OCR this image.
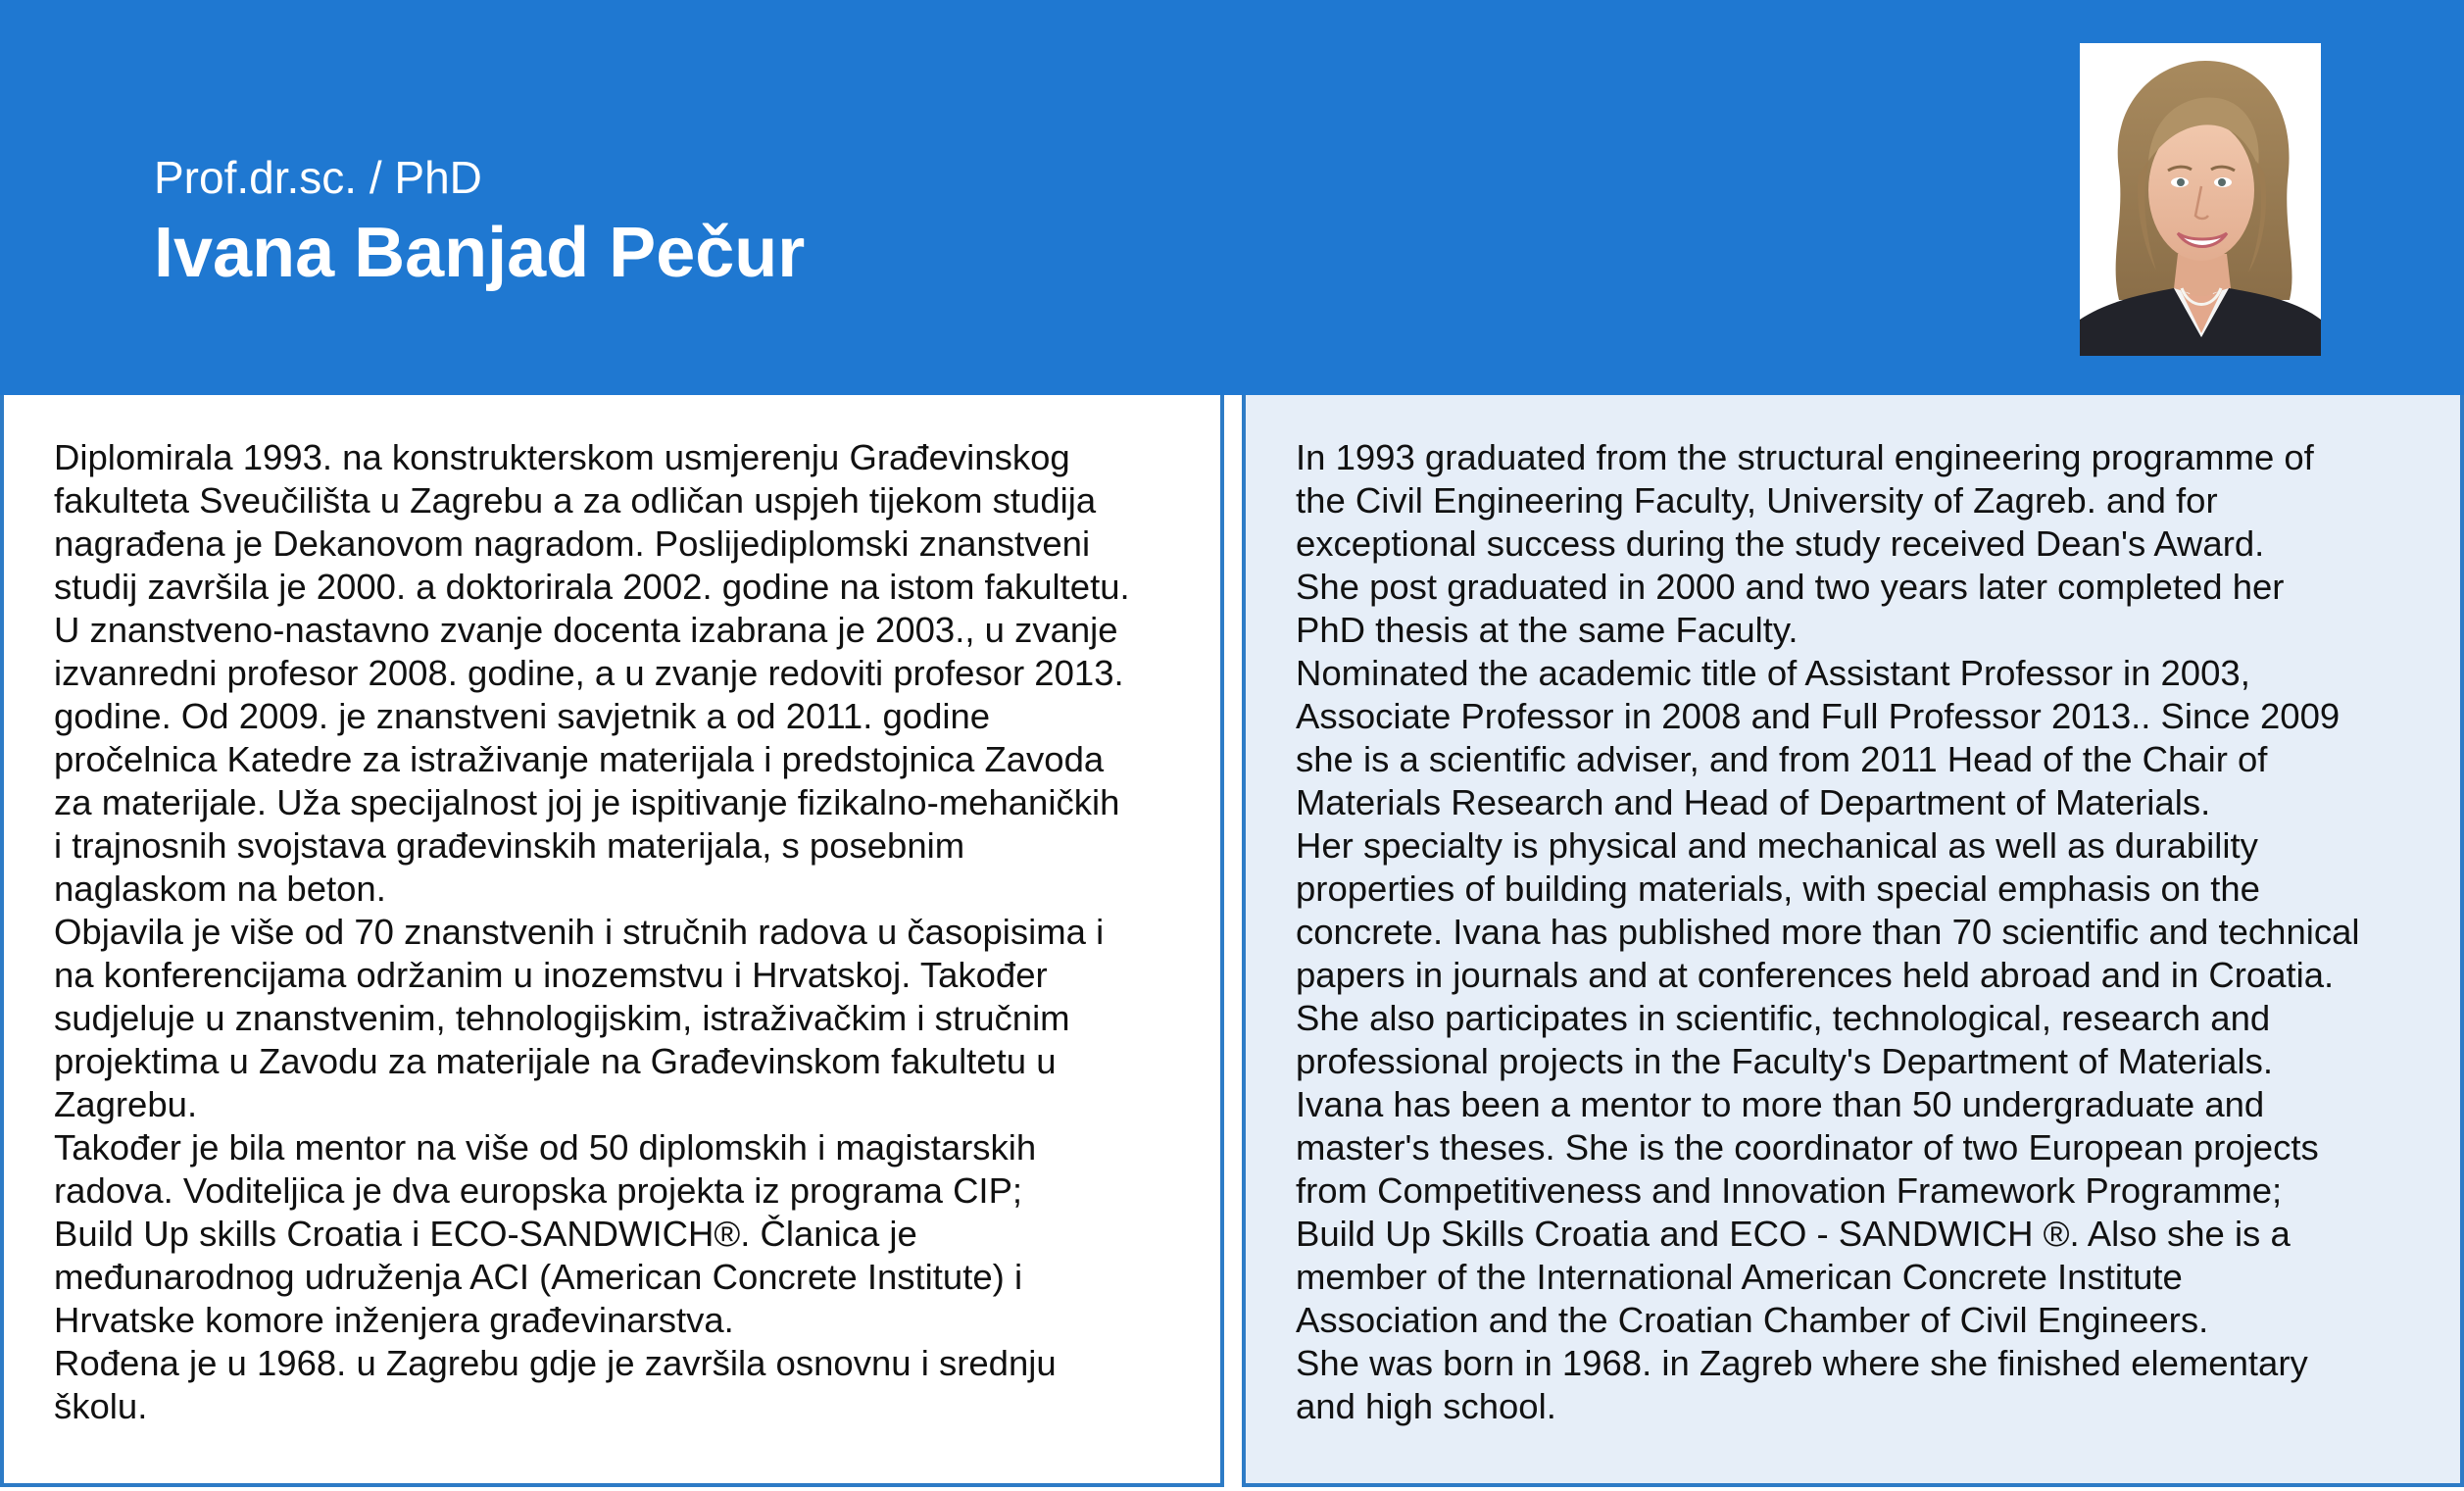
Prof.dr.sc. / PhD

Ivana Banjad Pečur

Diplomirala 1993. na konstrukterskom usmjerenju Građevinskog
fakulteta Sveučilišta u Zagrebu a za odličan uspjeh tijekom studija
nagrađena je Dekanovom nagradom. Poslijediplomski znanstveni
studij završila je 2000. a doktorirala 2002. godine na istom fakultetu.
U znanstveno-nastavno zvanje docenta izabrana je 2003., u zvanje
izvanredni profesor 2008. godine, a u zvanje redoviti profesor 2013.
godine. Od 2009. je znanstveni savjetnik a od 2011. godine
pročelnica Katedre za istraživanje materijala i predstojnica Zavoda
za materijale. Uža specijalnost joj je ispitivanje fizikalno-mehaničkih
i trajnosnih svojstava građevinskih materijala, s posebnim
naglaskom na beton.
Objavila je više od 70 znanstvenih i stručnih radova u časopisima i
na konferencijama održanim u inozemstvu i Hrvatskoj. Također
sudjeluje u znanstvenim, tehnologijskim, istraživačkim i stručnim
projektima u Zavodu za materijale na Građevinskom fakultetu u
Zagrebu.
Također je bila mentor na više od 50 diplomskih i magistarskih
radova. Voditeljica je dva europska projekta iz programa CIP;
Build Up skills Croatia i ECO-SANDWICH®. Članica je
međunarodnog udruženja ACI (American Concrete Institute) i
Hrvatske komore inženjera građevinarstva.
Rođena je u 1968. u Zagrebu gdje je završila osnovnu i srednju
školu.

In 1993 graduated from the structural engineering programme of
the Civil Engineering Faculty, University of Zagreb. and for
exceptional success during the study received Dean's Award.
She post graduated in 2000 and two years later completed her
PhD thesis at the same Faculty.
Nominated the academic title of Assistant Professor in 2003,
Associate Professor in 2008 and Full Professor 2013.. Since 2009
she is a scientific adviser, and from 2011 Head of the Chair of
Materials Research and Head of Department of Materials.
Her specialty is physical and mechanical as well as durability
properties of building materials, with special emphasis on the
concrete. Ivana has published more than 70 scientific and technical
papers in journals and at conferences held abroad and in Croatia.
She also participates in scientific, technological, research and
professional projects in the Faculty's Department of Materials.
Ivana has been a mentor to more than 50 undergraduate and
master's theses. She is the coordinator of two European projects
from Competitiveness and Innovation Framework Programme;
Build Up Skills Croatia and ECO - SANDWICH ®. Also she is a
member of the International American Concrete Institute
Association and the Croatian Chamber of Civil Engineers.
She was born in 1968. in Zagreb where she finished elementary
and high school.
